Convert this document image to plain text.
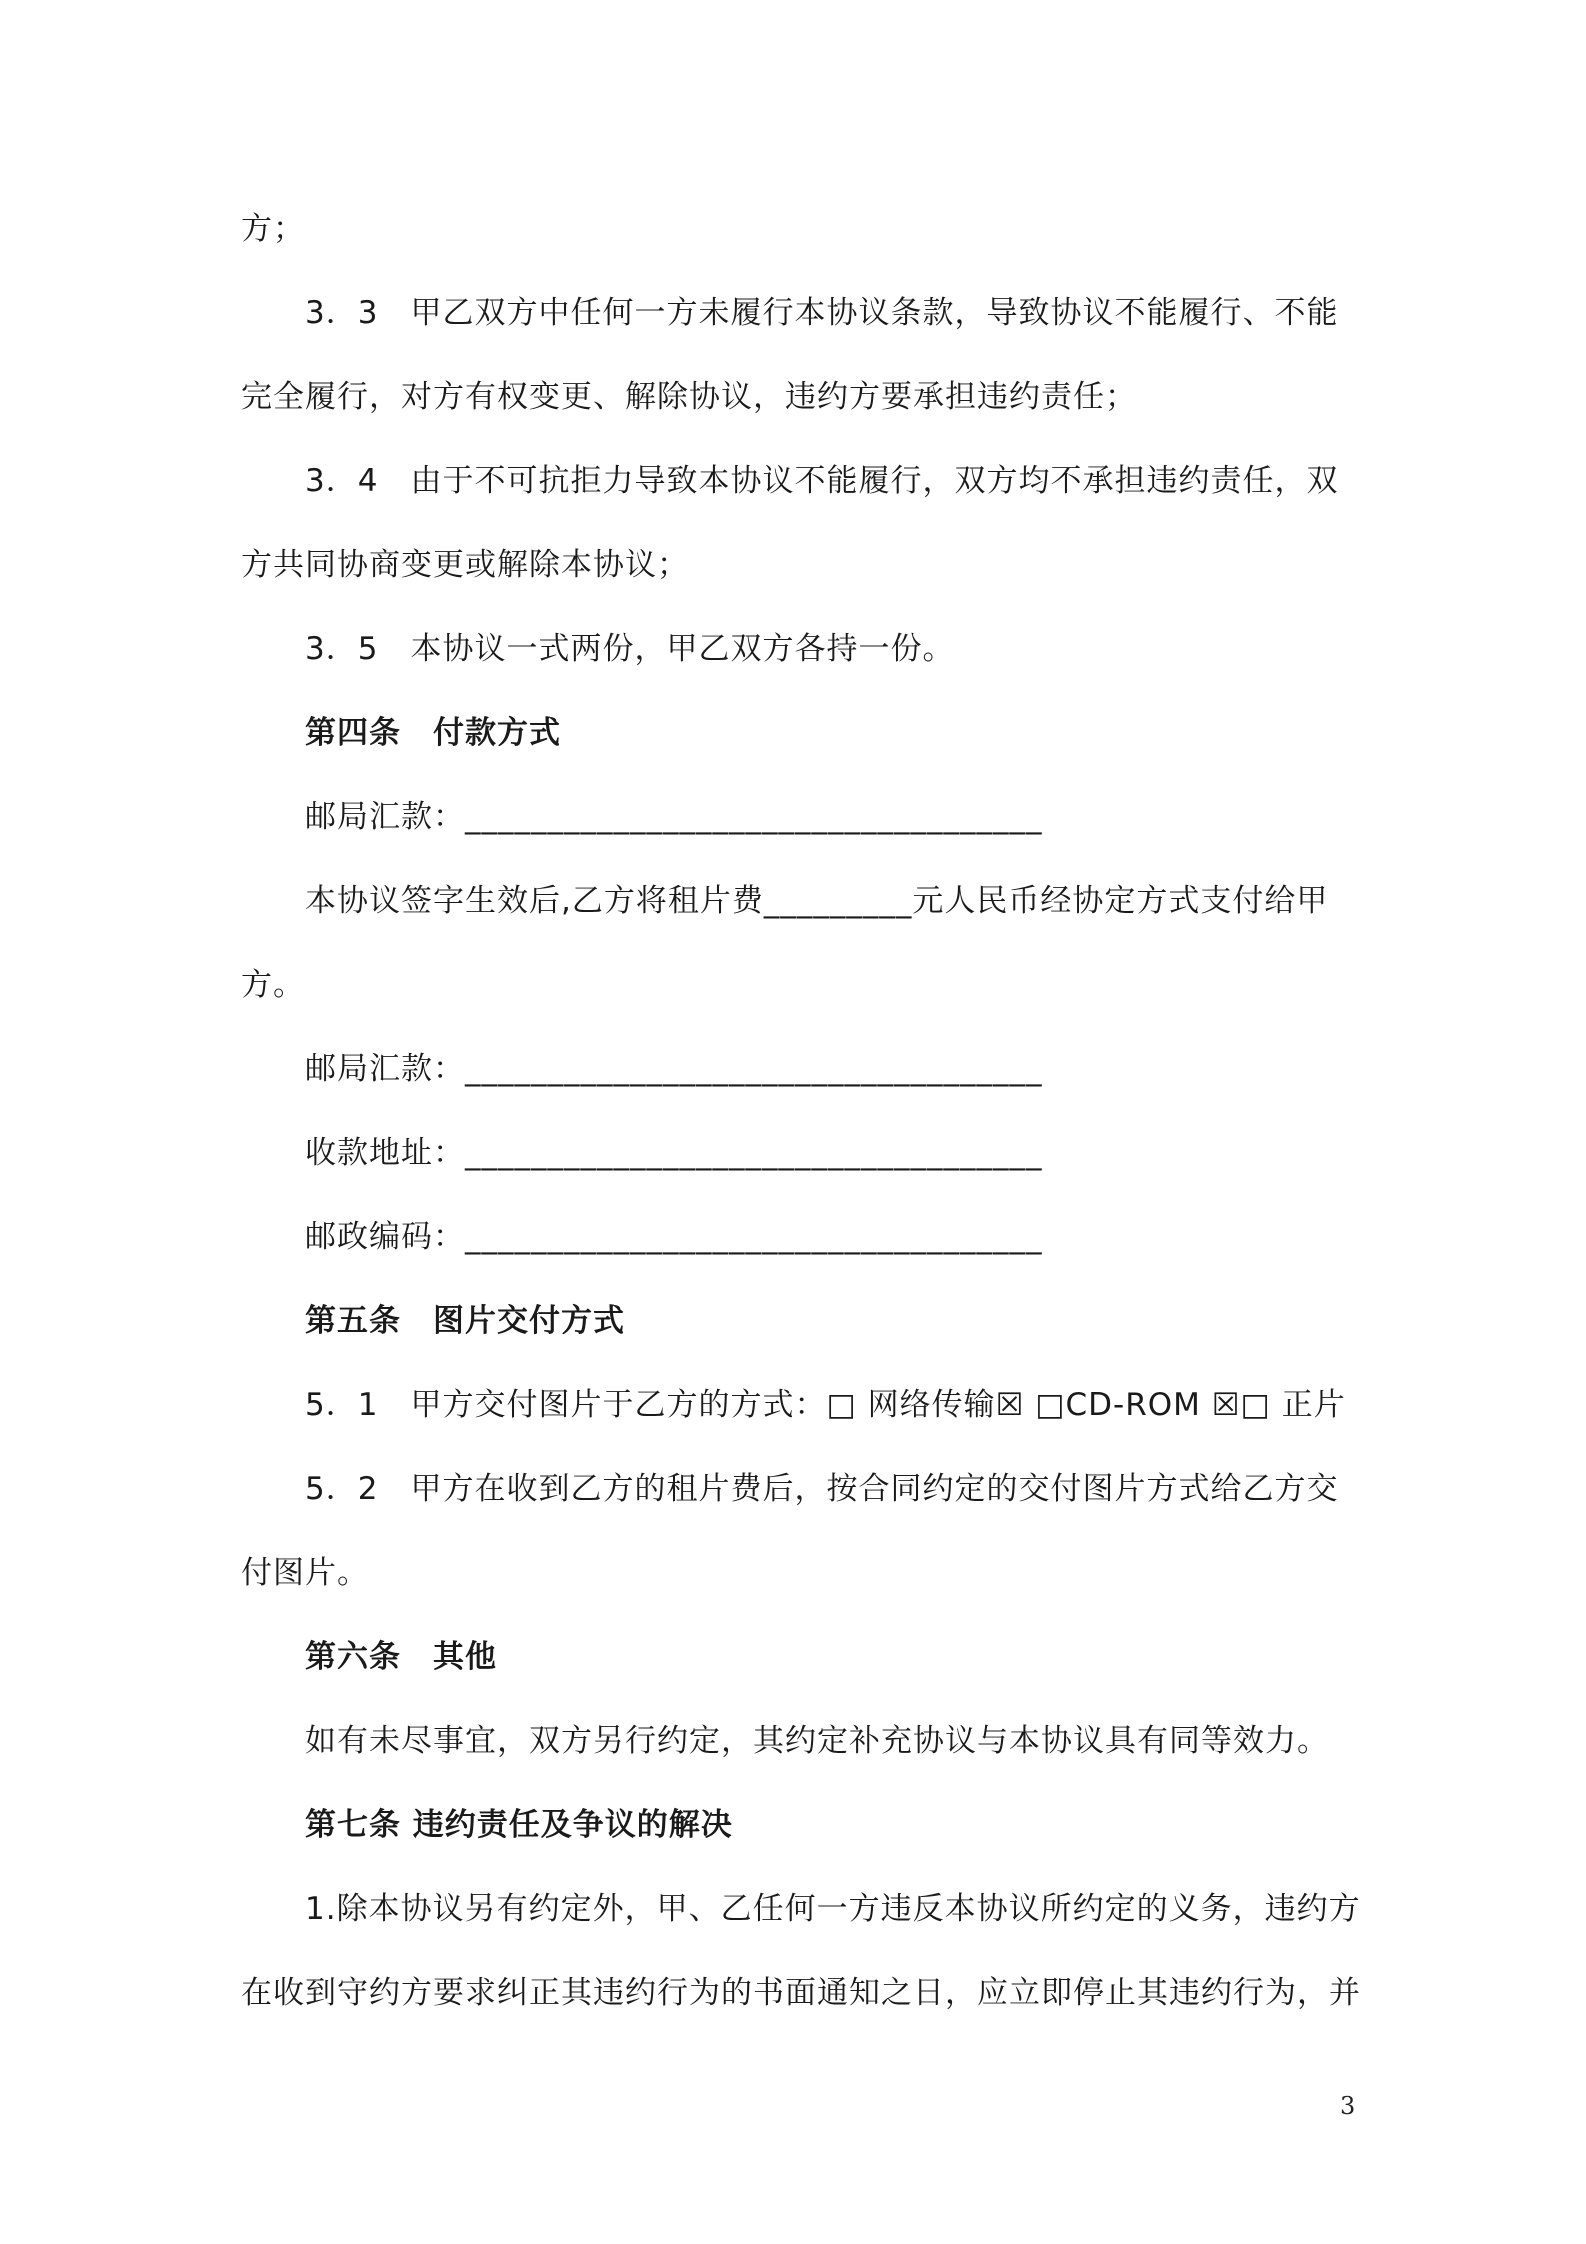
方；
3．3　甲乙双方中任何一方未履行本协议条款，导致协议不能履行、不能
完全履行，对方有权变更、解除协议，违约方要承担违约责任；
3．4　由于不可抗拒力导致本协议不能履行，双方均不承担违约责任，双
方共同协商变更或解除本协议；
3．5　本协议一式两份，甲乙双方各持一份。
第四条　付款方式
邮局汇款：___________________________________
本协议签字生效后,乙方将租片费_________元人民币经协定方式支付给甲
方。
邮局汇款：___________________________________
收款地址：___________________________________
邮政编码：___________________________________
第五条　图片交付方式
5．1　甲方交付图片于乙方的方式：□ 网络传输☒ □CD-ROM ☒□ 正片
5．2　甲方在收到乙方的租片费后，按合同约定的交付图片方式给乙方交
付图片。
第六条　其他
如有未尽事宜，双方另行约定，其约定补充协议与本协议具有同等效力。
第七条 违约责任及争议的解决
1.除本协议另有约定外，甲、乙任何一方违反本协议所约定的义务，违约方
在收到守约方要求纠正其违约行为的书面通知之日，应立即停止其违约行为，并
3
